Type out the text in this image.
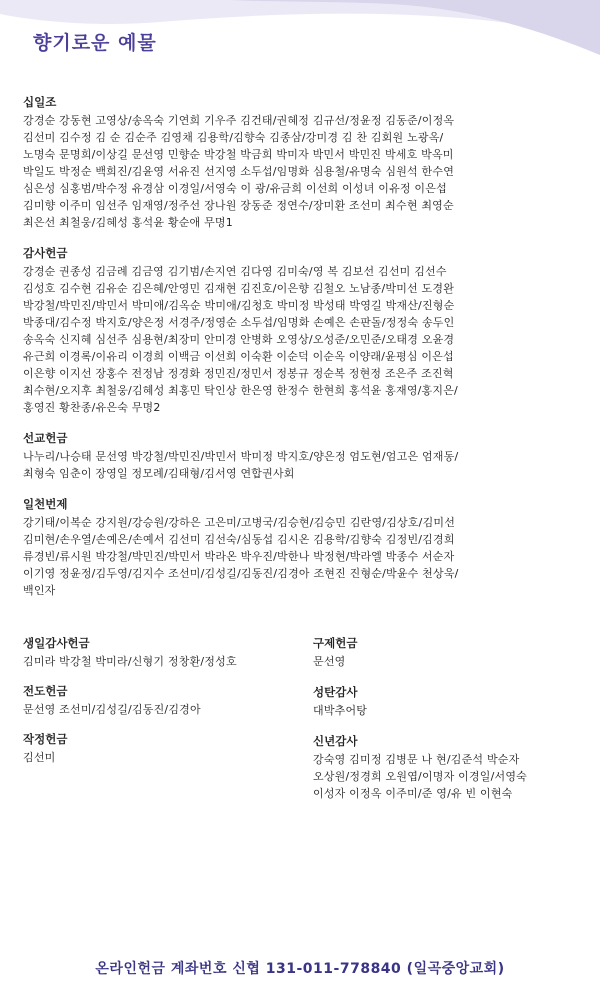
향기로운 예물

십일조

강경순 강동현 고영상/송옥숙 기연희 기우주 김건태/권혜정 김규선/정윤정 김동준/이정옥

김선미 김수정 김 순 김순주 김영채 김용학/김향숙 김종삼/강미경 김 찬 김회원 노광옥/

노명숙 문명희/이상길 문선영 민향순 박강철 박금희 박미자 박민서 박민진 박세호 박옥미

박일도 박정순 백희진/김윤영 서유진 선지영 소두섭/임명화 심용철/유명숙 심원석 한수연

심은성 심홍범/박수정 유경삼 이경일/서영숙 이 광/유금희 이선희 이성녀 이유정 이은섭

김미향 이주미 임선주 임재영/정주선 장나원 장동준 정연수/장미환 조선미 최수현 최영순

최은선 최철웅/김혜성 홍석윤 황순애 무명1

감사헌금

강경순 권종성 김금례 김금영 김기범/손지연 김다영 김미숙/영 복 김보선 김선미 김선수

김성호 김수현 김유순 김은혜/안영민 김재현 김진호/이은향 김철오 노남종/박미선 도경완

박강철/박민진/박민서 박미애/김옥순 박미애/김청호 박미정 박성태 박영길 박재산/진형순

박종대/김수정 박지호/양은정 서경주/정영순 소두섭/임명화 손예은 손판돌/정정숙 송두인

송옥숙 신지혜 심선주 심용현/최장미 안미경 안병화 오영상/오성준/오민준/오태경 오윤경

유근희 이경록/이유리 이경희 이백금 이선희 이숙환 이순덕 이순옥 이양래/윤평심 이은섭

이은향 이지선 장홍수 전정남 정경화 정민진/정민서 정봉규 정순복 정현정 조은주 조진혁

최수현/오지후 최철웅/김혜성 최홍민 탁인상 한은영 한정수 한현희 홍석윤 홍재영/홍지은/

홍영진 황찬종/유은숙 무명2

선교헌금

나누리/나승태 문선영 박강철/박민진/박민서 박미정 박지호/양은정 엄도현/엄고은 엄재동/

최형숙 임춘이 장영일 정모례/김태형/김서영 연합권사회

일천번제

강기태/이복순 강지원/강승원/강하은 고은미/고병국/김승현/김승민 김란영/김상호/김미선

김미현/손우열/손예은/손예서 김선미 김선숙/심동섭 김시온 김용학/김향숙 김정빈/김경희

류경빈/류시원 박강철/박민진/박민서 박라온 박우진/박한나 박정현/박라엘 박종수 서순자

이기영 정윤정/김두영/김지수 조선미/김성길/김동진/김경아 조현진 진형순/박윤수 천상욱/

백인자

생일감사헌금

김미라 박강철 박미라/신형기 정창환/정성호

전도헌금

문선영 조선미/김성길/김동진/김경아

작정헌금

김선미

구제헌금

문선영

성탄감사

대박추어탕

신년감사

강숙영 김미정 김병문 나 현/김준석 박순자

오상원/정경희 오원엽/이명자 이경일/서영숙

이성자 이정옥 이주미/준 영/유 빈 이현숙

온라인헌금 계좌번호 신협 131-011-778840 (일곡중앙교회)
